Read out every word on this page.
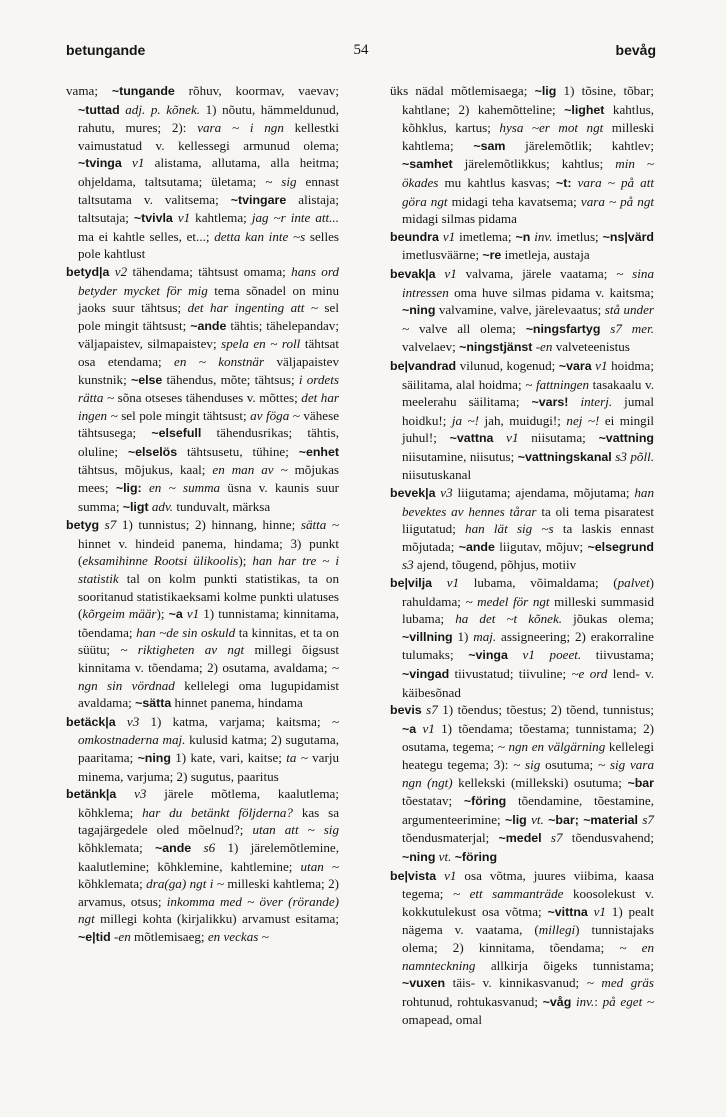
betungande	54	bevåg

vama; ~tungande rõhuv, koormav, vaevav; ~tuttad adj. p. kõnek. 1) nõutu, hämmeldunud, rahutu, mures; 2): vara ~ i ngn kellestki vaimustatud v. kellessegi armunud olema; ~tvinga v1 alistama, allutama, alla heitma; ohjeldama, taltsutama; ületama; ~ sig ennast taltsutama v. valitsema; ~tvingare alistaja; taltsutaja; ~tvivla v1 kahtlema; jag ~r inte att... ma ei kahtle selles, et...; detta kan inte ~s selles pole kahtlust

betyd|a v2 tähendama; tähtsust omama; hans ord betyder mycket för mig tema sõnadel on minu jaoks suur tähtsus; det har ingenting att ~ sel pole mingit tähtsust; ~ande tähtis; tähelepandav; väljapaistev, silmapaistev; spela en ~ roll tähtsat osa etendama; en ~ konstnär väljapaistev kunstnik; ~else tähendus, mõte; tähtsus; i ordets rätta ~ sõna otseses tähenduses v. mõttes; det har ingen ~ sel pole mingit tähtsust; av föga ~ vähese tähtsusega; ~elsefull tähendusrikas; tähtis, oluline; ~elselös tähtsusetu, tühine; ~enhet tähtsus, mõjukus, kaal; en man av ~ mõjukas mees; ~lig: en ~ summa üsna v. kaunis suur summa; ~ligt adv. tunduvalt, märksa

betyg s7 1) tunnistus; 2) hinnang, hinne; sätta ~ hinnet v. hindeid panema, hindama; 3) punkt (eksamihinne Rootsi ülikoolis); han har tre ~ i statistik tal on kolm punkti statistikas, ta on sooritanud statistikaeksami kolme punkti ulatuses (kõrgeim määr); ~a v1 1) tunnistama; kinnitama, tõendama; han ~de sin oskuld ta kinnitas, et ta on süütu; ~ riktigheten av ngt millegi õigsust kinnitama v. tõendama; 2) osutama, avaldama; ~ ngn sin vördnad kellelegi oma lugupidamist avaldama; ~sätta hinnet panema, hindama

betäck|a v3 1) katma, varjama; kaitsma; ~ omkostnaderna maj. kulusid katma; 2) sugutama, paaritama; ~ning 1) kate, vari, kaitse; ta ~ varju minema, varjuma; 2) sugutus, paaritus

betänk|a v3 järele mõtlema, kaalutlema; kõhklema; har du betänkt följderna? kas sa tagajärgedele oled mõelnud?; utan att ~ sig kõhklemata; ~ande s6 1) järelemõtlemine, kaalutlemine; kõhklemine, kahtlemine; utan ~ kõhklemata; dra(ga) ngt i ~ milleski kahtlema; 2) arvamus, otsus; inkomma med ~ över (rörande) ngt millegi kohta (kirjalikku) arvamust esitama; ~e|tid -en mõtlemisaeg; en veckas ~

üks nädal mõtlemisaega; ~lig 1) tõsine, tõbar; kahtlane; 2) kahemõtteline; ~lighet kahtlus, kõhklus, kartus; hysa ~er mot ngt milleski kahtlema; ~sam järelemõtlik; kahtlev; ~samhet järelemõtlikkus; kahtlus; min ~ ökades mu kahtlus kasvas; ~t: vara ~ på att göra ngt midagi teha kavatsema; vara ~ på ngt midagi silmas pidama

beundra v1 imetlema; ~n inv. imetlus; ~ns|värd imetlusväärne; ~re imetleja, austaja

bevak|a v1 valvama, järele vaatama; ~ sina intressen oma huve silmas pidama v. kaitsma; ~ning valvamine, valve, järelevaatus; stå under ~ valve all olema; ~ningsfartyg s7 mer. valvelaev; ~ningstjänst -en valveteenistus

be|vandrad vilunud, kogenud; ~vara v1 hoidma; säilitama, alal hoidma; ~ fattningen tasakaalu v. meelerahu säilitama; ~vars! interj. jumal hoidku!; ja ~! jah, muidugi!; nej ~! ei mingil juhul!; ~vattna v1 niisutama; ~vattning niisutamine, niisutus; ~vattningskanal s3 põll. niisutuskanal

bevek|a v3 liigutama; ajendama, mõjutama; han bevektes av hennes tårar ta oli tema pisaratest liigutatud; han lät sig ~s ta laskis ennast mõjutada; ~ande liigutav, mõjuv; ~elsegrund s3 ajend, tõugend, põhjus, motiiv

be|vilja v1 lubama, võimaldama; (palvet) rahuldama; ~ medel för ngt milleski summasid lubama; ha det ~t kõnek. jõukas olema; ~villning 1) maj. assigneering; 2) erakorraline tulumaks; ~vinga v1 poeet. tiivustama; ~vingad tiivustatud; tiivuline; ~e ord lend- v. käibesõnad

bevis s7 1) tõendus; tõestus; 2) tõend, tunnistus; ~a v1 1) tõendama; tõestama; tunnistama; 2) osutama, tegema; ~ ngn en välgärning kellelegi heategu tegema; 3): ~ sig osutuma; ~ sig vara ngn (ngt) kellekski (millekski) osutuma; ~bar tõestatav; ~föring tõendamine, tõestamine, argumenteerimine; ~lig vt. ~bar; ~material s7 tõendusmaterjal; ~medel s7 tõendusvahend; ~ning vt. ~föring

be|vista v1 osa võtma, juures viibima, kaasa tegema; ~ ett sammanträde koosolekust v. kokkutulekust osa võtma; ~vittna v1 1) pealt nägema v. vaatama, (millegi) tunnistajaks olema; 2) kinnitama, tõendama; ~ en namnteckning allkirja õigeks tunnistama; ~vuxen täis- v. kinnikasvanud; ~ med gräs rohtunud, rohtukasvanud; ~våg inv.: på eget ~ omapead, omal
